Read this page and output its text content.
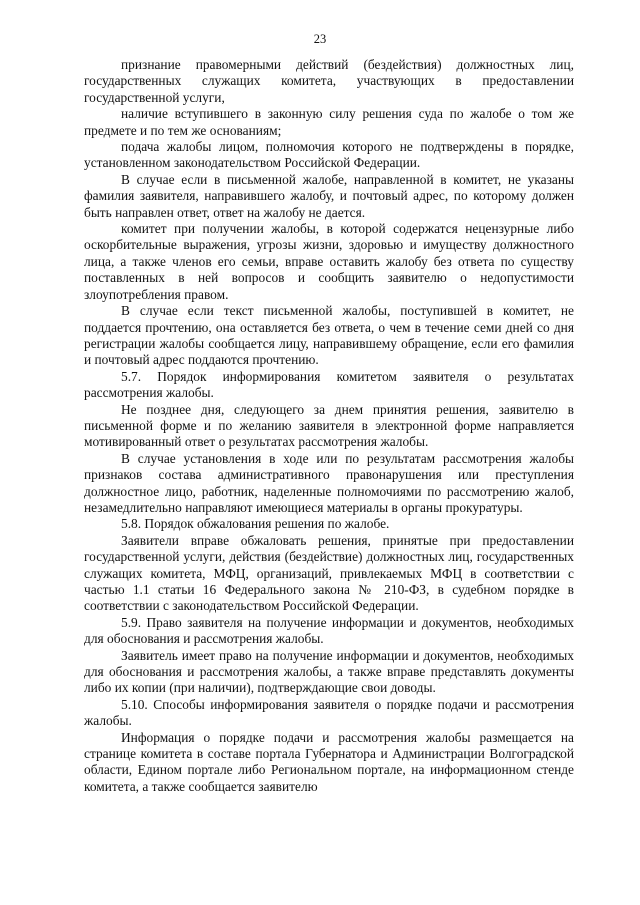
23

признание правомерными действий (бездействия) должностных лиц, государственных служащих комитета, участвующих в предоставлении государственной услуги,

наличие вступившего в законную силу решения суда по жалобе о том же предмете и по тем же основаниям;

подача жалобы лицом, полномочия которого не подтверждены в порядке, установленном законодательством Российской Федерации.

В случае если в письменной жалобе, направленной в комитет, не указаны фамилия заявителя, направившего жалобу, и почтовый адрес, по которому должен быть направлен ответ, ответ на жалобу не дается.

комитет при получении жалобы, в которой содержатся нецензурные либо оскорбительные выражения, угрозы жизни, здоровью и имуществу должностного лица, а также членов его семьи, вправе оставить жалобу без ответа по существу поставленных в ней вопросов и сообщить заявителю о недопустимости злоупотребления правом.

В случае если текст письменной жалобы, поступившей в комитет, не поддается прочтению, она оставляется без ответа, о чем в течение семи дней со дня регистрации жалобы сообщается лицу, направившему обращение, если его фамилия и почтовый адрес поддаются прочтению.

5.7. Порядок информирования комитетом заявителя о результатах рассмотрения жалобы.

Не позднее дня, следующего за днем принятия решения, заявителю в письменной форме и по желанию заявителя в электронной форме направляется мотивированный ответ о результатах рассмотрения жалобы.

В случае установления в ходе или по результатам рассмотрения жалобы признаков состава административного правонарушения или преступления должностное лицо, работник, наделенные полномочиями по рассмотрению жалоб, незамедлительно направляют имеющиеся материалы в органы прокуратуры.

5.8. Порядок обжалования решения по жалобе.

Заявители вправе обжаловать решения, принятые при предоставлении государственной услуги, действия (бездействие) должностных лиц, государственных служащих комитета, МФЦ, организаций, привлекаемых МФЦ в соответствии с частью 1.1 статьи 16 Федерального закона № 210-ФЗ, в судебном порядке в соответствии с законодательством Российской Федерации.

5.9. Право заявителя на получение информации и документов, необходимых для обоснования и рассмотрения жалобы.

Заявитель имеет право на получение информации и документов, необходимых для обоснования и рассмотрения жалобы, а также вправе представлять документы либо их копии (при наличии), подтверждающие свои доводы.

5.10. Способы информирования заявителя о порядке подачи и рассмотрения жалобы.

Информация о порядке подачи и рассмотрения жалобы размещается на странице комитета в составе портала Губернатора и Администрации Волгоградской области, Едином портале либо Региональном портале, на информационном стенде комитета, а также сообщается заявителю
